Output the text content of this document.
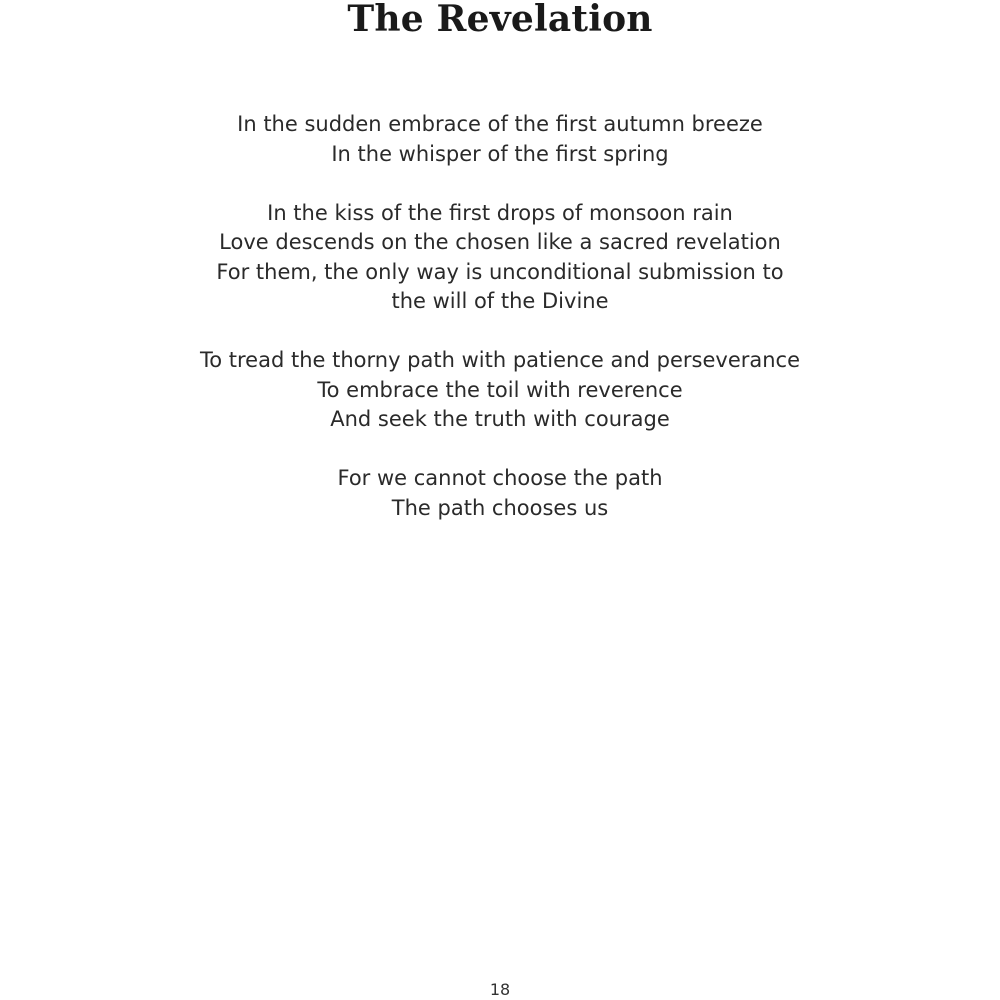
The Revelation
In the sudden embrace of the first autumn breeze
In the whisper of the first spring
In the kiss of the first drops of monsoon rain
Love descends on the chosen like a sacred revelation
For them, the only way is unconditional submission to
the will of the Divine
To tread the thorny path with patience and perseverance
To embrace the toil with reverence
And seek the truth with courage
For we cannot choose the path
The path chooses us
18
